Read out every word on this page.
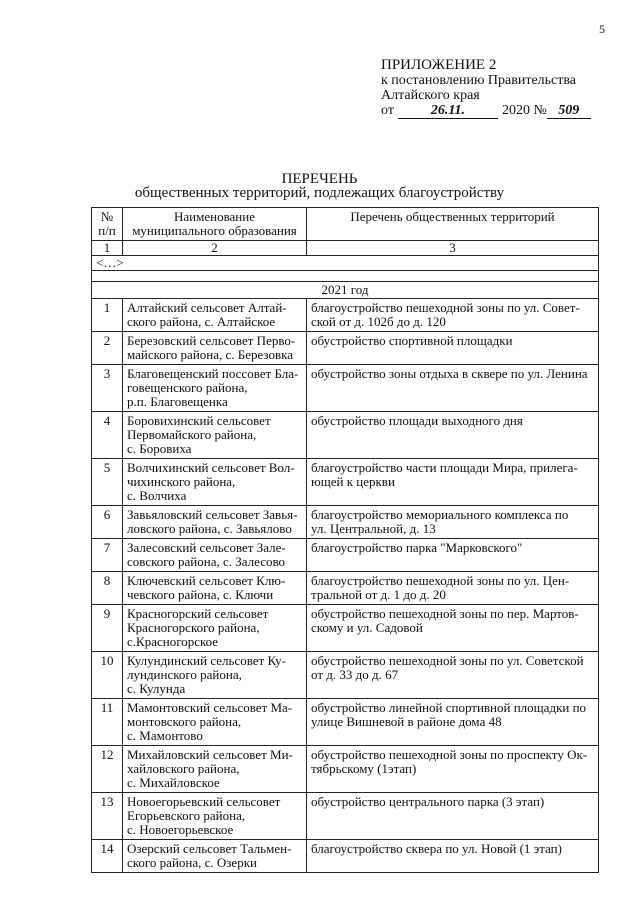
5
ПРИЛОЖЕНИЕ 2
к постановлению Правительства
Алтайского края
от	26.11.	2020 № 509
ПЕРЕЧЕНЬ
общественных территорий, подлежащих благоустройству
№
п/п	Наименование
муниципального образования	Перечень общественных территорий
1	2	3
<…>		

2021 год		
1	Алтайский сельсовет Алтай-
ского района, с. Алтайское	благоустройство пешеходной зоны по ул. Совет-
ской от д. 102б до д. 120
2	Березовский сельсовет Перво-
майского района, с. Березовка	обустройство спортивной площадки
3	Благовещенский поссовет Бла-
говещенского района,
р.п. Благовещенка	обустройство зоны отдыха в сквере по ул. Ленина
4	Боровихинский сельсовет
Первомайского района,
с. Боровиха	обустройство площади выходного дня
5	Волчихинский сельсовет Вол-
чихинского района,
с. Волчиха	благоустройство части площади Мира, прилега-
ющей к церкви
6	Завьяловский сельсовет Завья-
ловского района, с. Завьялово	благоустройство мемориального комплекса по
ул. Центральной, д. 13
7	Залесовский сельсовет Зале-
совского района, с. Залесово	благоустройство парка "Марковского"
8	Ключевский сельсовет Клю-
чевского района, с. Ключи	благоустройство пешеходной зоны по ул. Цен-
тральной от д. 1 до д. 20
9	Красногорский сельсовет
Красногорского района,
с.Красногорское	обустройство пешеходной зоны по пер. Мартов-
скому и ул. Садовой
10	Кулундинский сельсовет Ку-
лундинского района,
с. Кулунда	обустройство пешеходной зоны по ул. Советской
от д. 33 до д. 67
11	Мамонтовский сельсовет Ма-
монтовского района,
с. Мамонтово	обустройство линейной спортивной площадки по
улице Вишневой в районе дома 48
12	Михайловский сельсовет Ми-
хайловского района,
с. Михайловское	обустройство пешеходной зоны по проспекту Ок-
тябрьскому (1этап)
13	Новоегорьевский сельсовет
Егорьевского района,
с. Новоегорьевское	обустройство центрального парка (3 этап)
14	Озерский сельсовет Тальмен-
ского района, с. Озерки	благоустройство сквера по ул. Новой (1 этап)
